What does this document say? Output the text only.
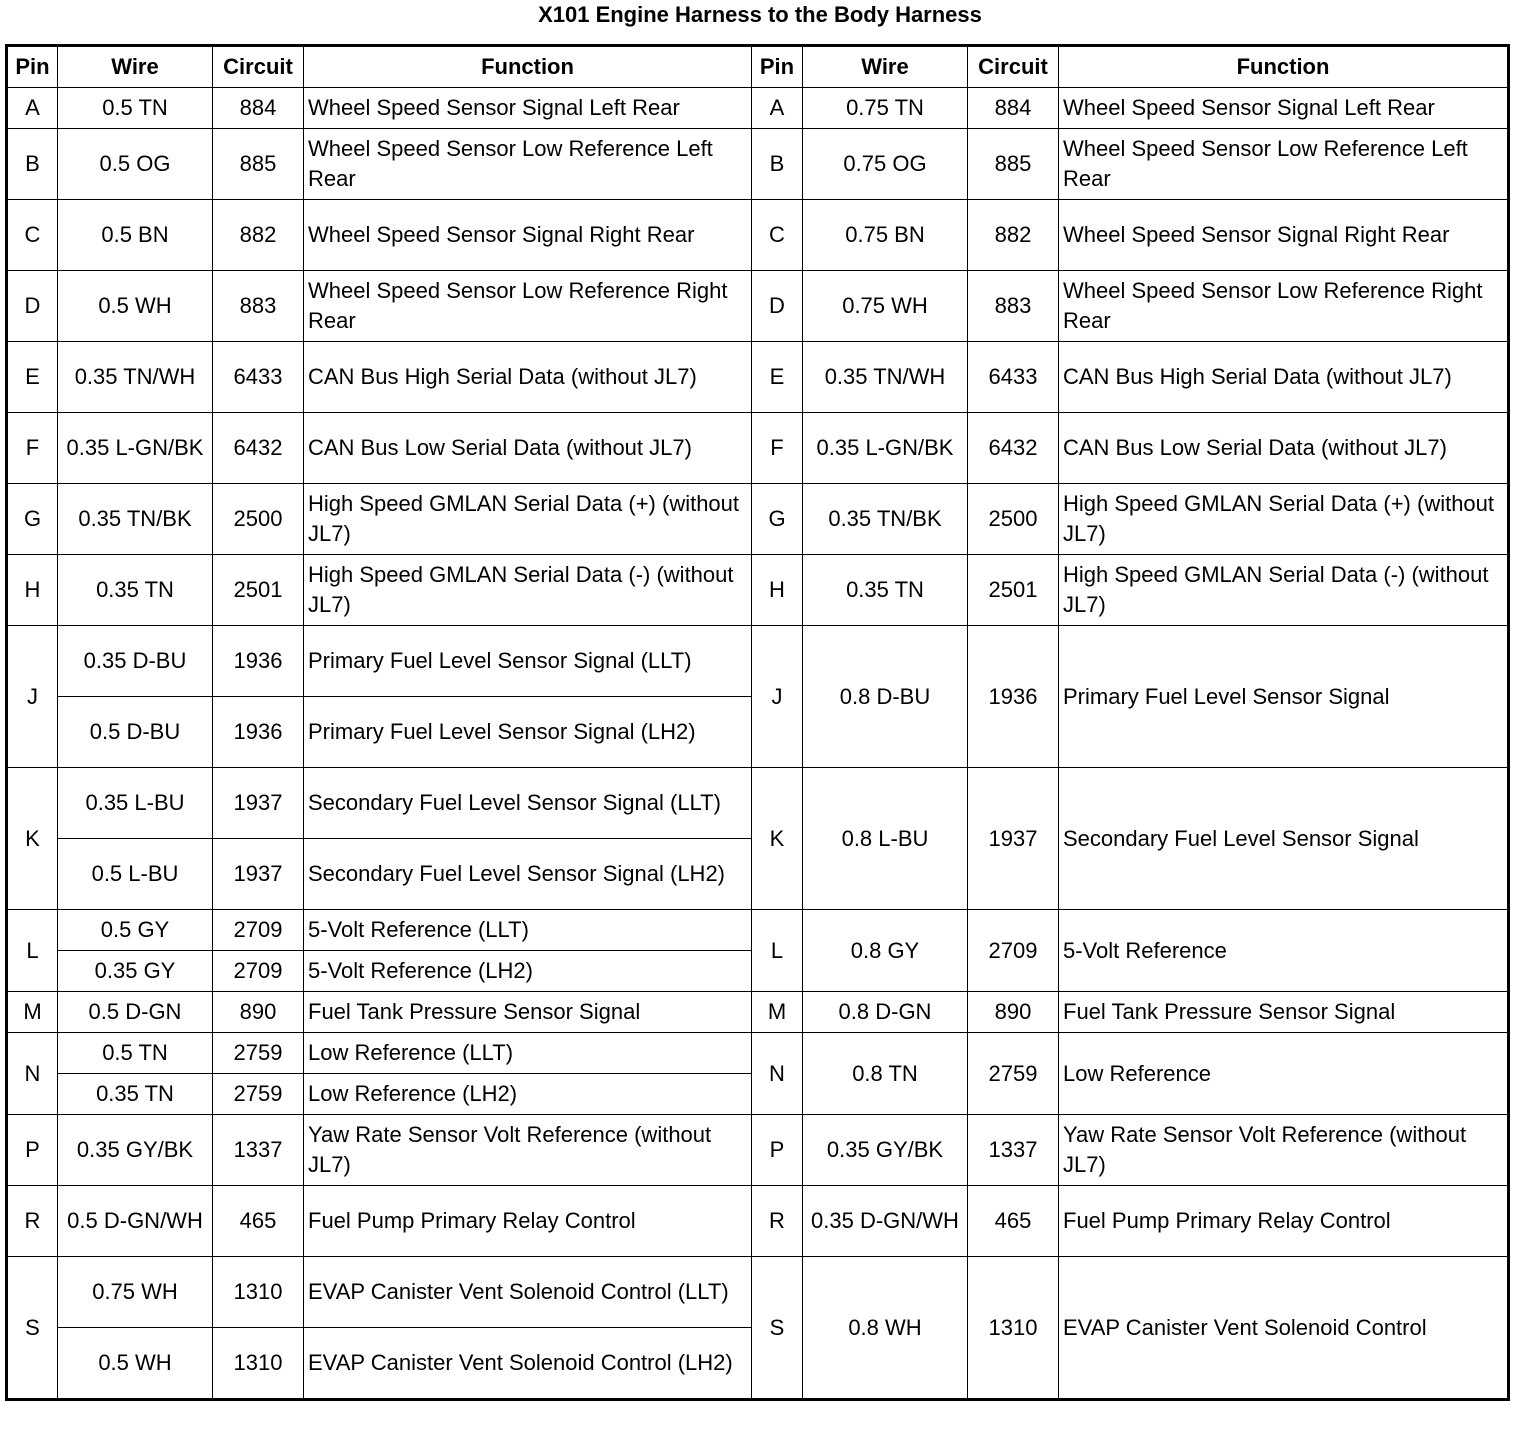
X101 Engine Harness to the Body Harness
Pin	Wire	Circuit	Function	Pin	Wire	Circuit	Function
A	0.5 TN	884	Wheel Speed Sensor Signal Left Rear	A	0.75 TN	884	Wheel Speed Sensor Signal Left Rear
B	0.5 OG	885	Wheel Speed Sensor Low Reference Left Rear	B	0.75 OG	885	Wheel Speed Sensor Low Reference Left Rear
C	0.5 BN	882	Wheel Speed Sensor Signal Right Rear	C	0.75 BN	882	Wheel Speed Sensor Signal Right Rear
D	0.5 WH	883	Wheel Speed Sensor Low Reference Right Rear	D	0.75 WH	883	Wheel Speed Sensor Low Reference Right Rear
E	0.35 TN/WH	6433	CAN Bus High Serial Data (without JL7)	E	0.35 TN/WH	6433	CAN Bus High Serial Data (without JL7)
F	0.35 L-GN/BK	6432	CAN Bus Low Serial Data (without JL7)	F	0.35 L-GN/BK	6432	CAN Bus Low Serial Data (without JL7)
G	0.35 TN/BK	2500	High Speed GMLAN Serial Data (+) (without JL7)	G	0.35 TN/BK	2500	High Speed GMLAN Serial Data (+) (without JL7)
H	0.35 TN	2501	High Speed GMLAN Serial Data (-) (without JL7)	H	0.35 TN	2501	High Speed GMLAN Serial Data (-) (without JL7)
J	0.35 D-BU	1936	Primary Fuel Level Sensor Signal (LLT)	J	0.8 D-BU	1936	Primary Fuel Level Sensor Signal
	0.5 D-BU	1936	Primary Fuel Level Sensor Signal (LH2)				
K	0.35 L-BU	1937	Secondary Fuel Level Sensor Signal (LLT)	K	0.8 L-BU	1937	Secondary Fuel Level Sensor Signal
	0.5 L-BU	1937	Secondary Fuel Level Sensor Signal (LH2)				
L	0.5 GY	2709	5-Volt Reference (LLT)	L	0.8 GY	2709	5-Volt Reference
	0.35 GY	2709	5-Volt Reference (LH2)				
M	0.5 D-GN	890	Fuel Tank Pressure Sensor Signal	M	0.8 D-GN	890	Fuel Tank Pressure Sensor Signal
N	0.5 TN	2759	Low Reference (LLT)	N	0.8 TN	2759	Low Reference
	0.35 TN	2759	Low Reference (LH2)				
P	0.35 GY/BK	1337	Yaw Rate Sensor Volt Reference (without JL7)	P	0.35 GY/BK	1337	Yaw Rate Sensor Volt Reference (without JL7)
R	0.5 D-GN/WH	465	Fuel Pump Primary Relay Control	R	0.35 D-GN/WH	465	Fuel Pump Primary Relay Control
S	0.75 WH	1310	EVAP Canister Vent Solenoid Control (LLT)	S	0.8 WH	1310	EVAP Canister Vent Solenoid Control
	0.5 WH	1310	EVAP Canister Vent Solenoid Control (LH2)				
